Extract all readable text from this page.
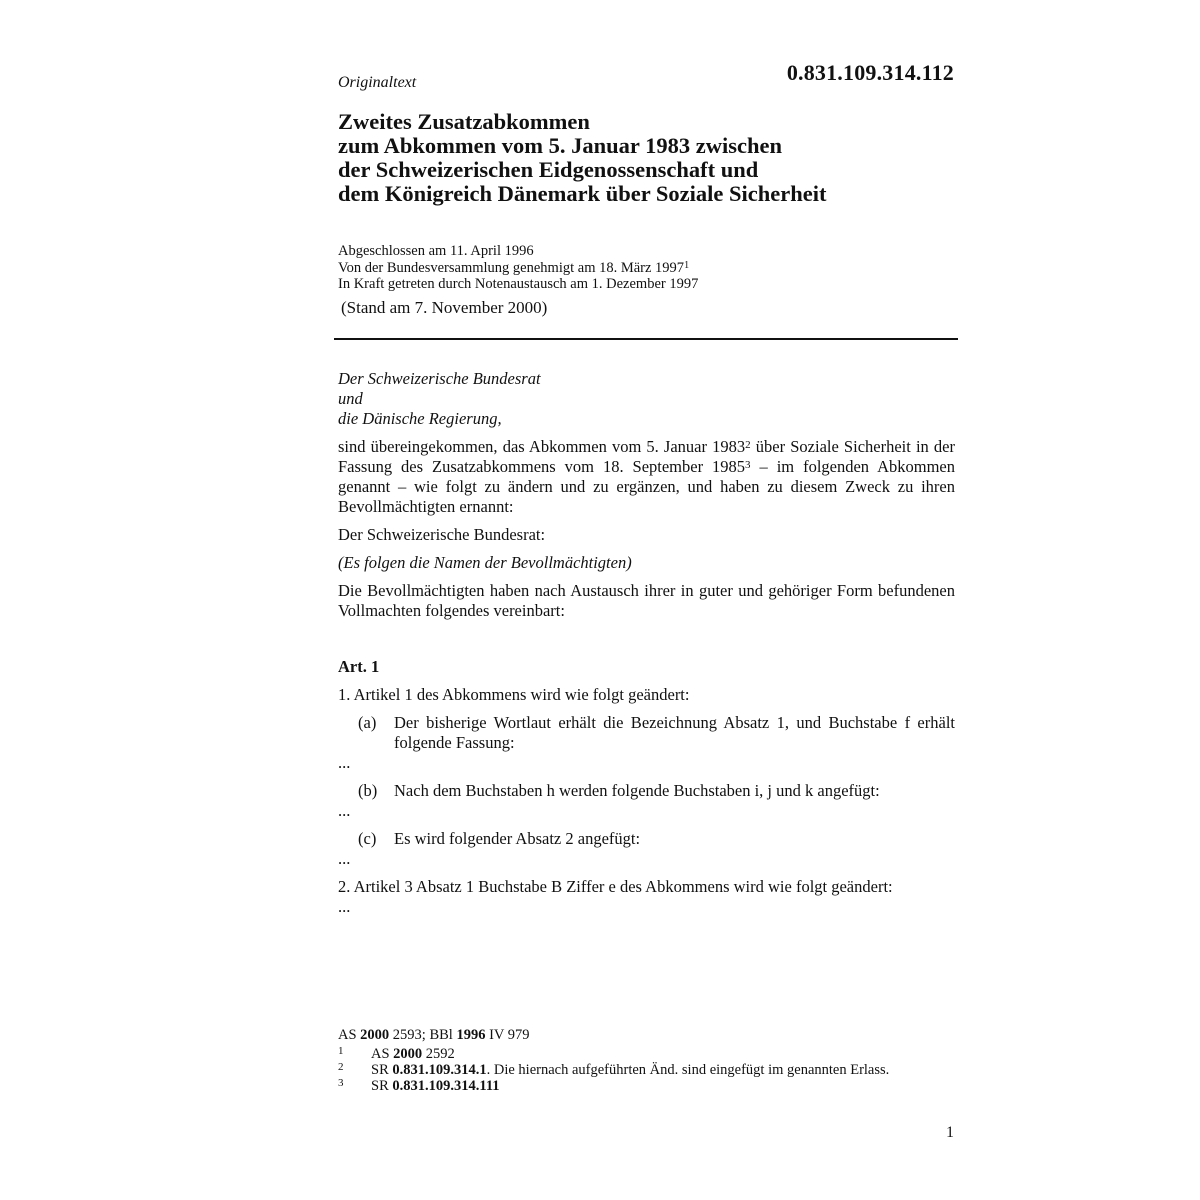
0.831.109.314.112
Originaltext
Zweites Zusatzabkommen
zum Abkommen vom 5. Januar 1983 zwischen
der Schweizerischen Eidgenossenschaft und
dem Königreich Dänemark über Soziale Sicherheit
Abgeschlossen am 11. April 1996
Von der Bundesversammlung genehmigt am 18. März 1997$^1$
In Kraft getreten durch Notenaustausch am 1. Dezember 1997
(Stand am 7. November 2000)

Der Schweizerische Bundesrat

und

die Dänische Regierung,

sind übereingekommen, das Abkommen vom 5. Januar 1983$^2$ über Soziale Sicherheit in der Fassung des Zusatzabkommens vom 18. September 1985$^3$ – im folgenden Abkommen genannt – wie folgt zu ändern und zu ergänzen, und haben zu diesem Zweck zu ihren Bevollmächtigten ernannt:

Der Schweizerische Bundesrat:

(Es folgen die Namen der Bevollmächtigten)

Die Bevollmächtigten haben nach Austausch ihrer in guter und gehöriger Form befundenen Vollmachten folgendes vereinbart:

Art. 1

1. Artikel 1 des Abkommens wird wie folgt geändert:

(a)	Der bisherige Wortlaut erhält die Bezeichnung Absatz 1, und Buchstabe f erhält folgende Fassung:

...

(b)	Nach dem Buchstaben h werden folgende Buchstaben i, j und k angefügt:

...

(c)	Es wird folgender Absatz 2 angefügt:

...

2. Artikel 3 Absatz 1 Buchstabe B Ziffer e des Abkommens wird wie folgt geändert:

...

AS 2000 2593; BBl 1996 IV 979
1	AS 2000 2592
2	SR 0.831.109.314.1. Die hiernach aufgeführten Änd. sind eingefügt im genannten Erlass.
3	SR 0.831.109.314.111
1
